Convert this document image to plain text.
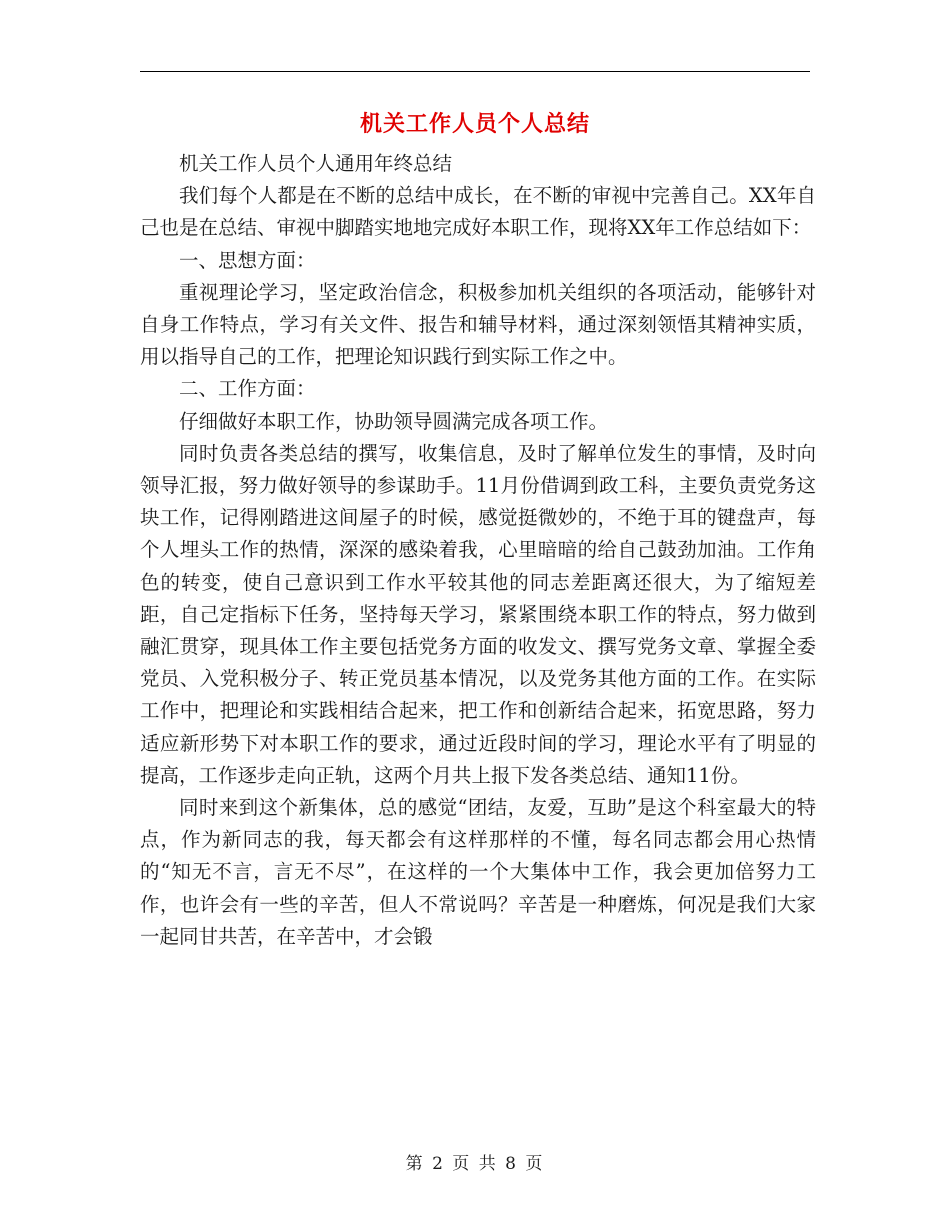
机关工作人员个人总结

机关工作人员个人通用年终总结

我们每个人都是在不断的总结中成长，在不断的审视中完善自己。XX年自己也是在总结、审视中脚踏实地地完成好本职工作，现将XX年工作总结如下：

一、思想方面：

重视理论学习，坚定政治信念，积极参加机关组织的各项活动，能够针对自身工作特点，学习有关文件、报告和辅导材料，通过深刻领悟其精神实质，用以指导自己的工作，把理论知识践行到实际工作之中。

二、工作方面：

仔细做好本职工作，协助领导圆满完成各项工作。

同时负责各类总结的撰写，收集信息，及时了解单位发生的事情，及时向领导汇报，努力做好领导的参谋助手。11月份借调到政工科，主要负责党务这块工作，记得刚踏进这间屋子的时候，感觉挺微妙的，不绝于耳的键盘声，每个人埋头工作的热情，深深的感染着我，心里暗暗的给自己鼓劲加油。工作角色的转变，使自己意识到工作水平较其他的同志差距离还很大，为了缩短差距，自己定指标下任务，坚持每天学习，紧紧围绕本职工作的特点，努力做到融汇贯穿，现具体工作主要包括党务方面的收发文、撰写党务文章、掌握全委党员、入党积极分子、转正党员基本情况，以及党务其他方面的工作。在实际工作中，把理论和实践相结合起来，把工作和创新结合起来，拓宽思路，努力适应新形势下对本职工作的要求，通过近段时间的学习，理论水平有了明显的提高，工作逐步走向正轨，这两个月共上报下发各类总结、通知11份。

同时来到这个新集体，总的感觉“团结，友爱，互助”是这个科室最大的特点，作为新同志的我，每天都会有这样那样的不懂，每名同志都会用心热情的“知无不言，言无不尽”，在这样的一个大集体中工作，我会更加倍努力工作，也许会有一些的辛苦，但人不常说吗？辛苦是一种磨炼，何况是我们大家一起同甘共苦，在辛苦中，才会锻

第 2 页 共 8 页
